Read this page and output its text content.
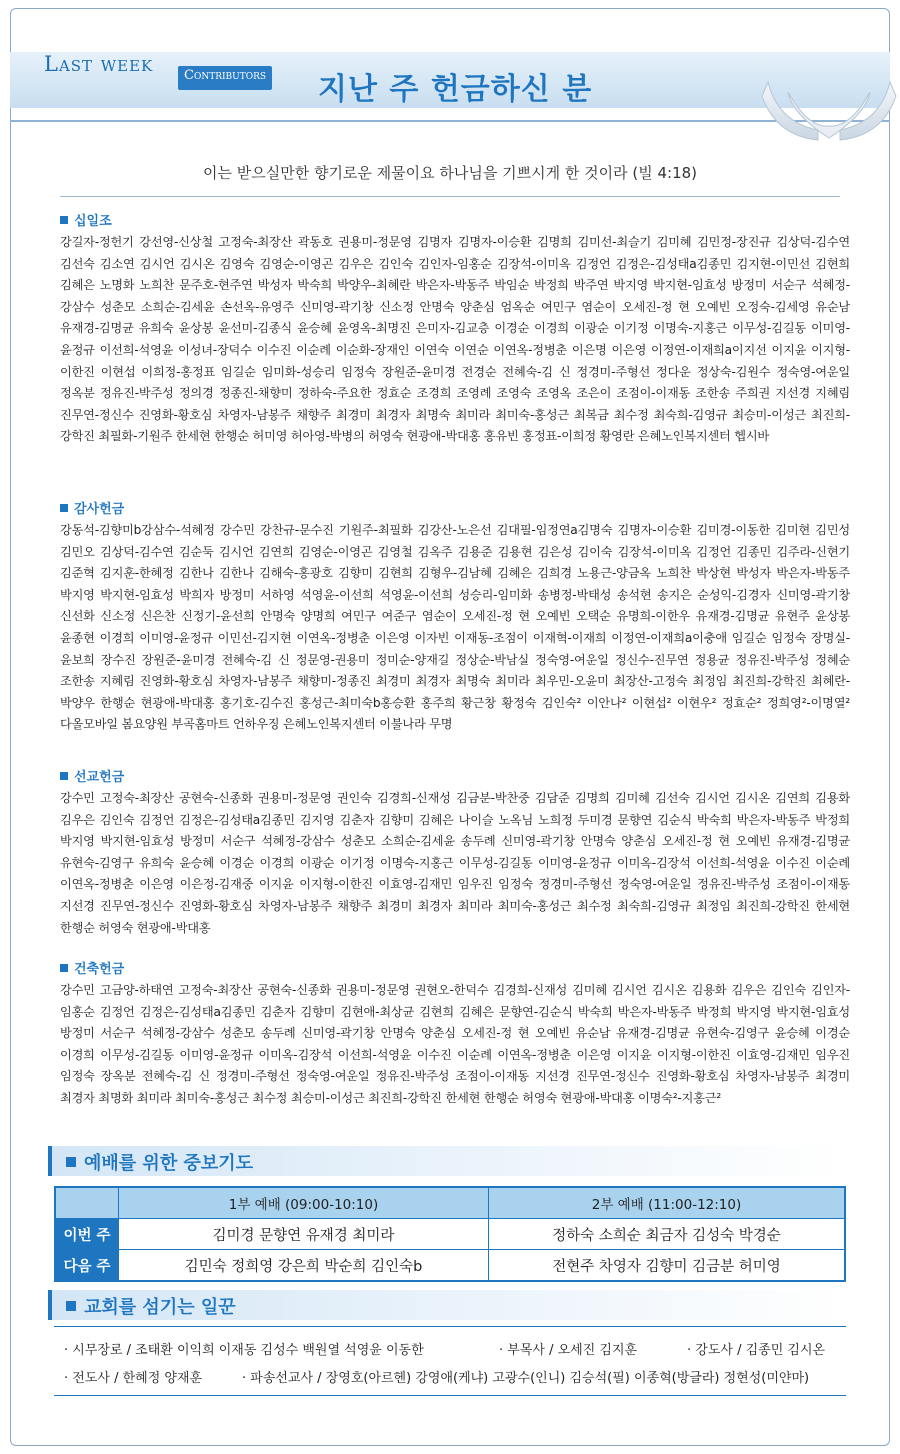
Last week	Contributors 지난 주 헌금하신 분
이는 받으실만한 향기로운 제물이요 하나님을 기쁘시게 한 것이라 (빌 4:18)
십일조
강길자-정헌기 강선영-신상철 고정숙-최장산 곽동호 권용미-정문영 김명자 김명자-이승환 김명희 김미선-최슬기 김미혜 김민정-장진규 김상덕-김수연 김선숙 김소연 김시언 김시온 김영숙 김영순-이영곤 김우은 김인숙 김인자-임홍순 김장석-이미옥 김정언 김정은-김성태a김종민 김지현-이민선 김현희 김혜은 노명화 노희찬 문주호-현주연 박성자 박숙희 박양우-최혜란 박은자-박동주 박임순 박정희 박주연 박지영 박지현-임효성 방정미 서순구 석혜정-강삼수 성춘모 소희순-김세윤 손선옥-유영주 신미영-곽기창 신소정 안명숙 양춘심 엄옥순 여민구 염순이 오세진-정 현 오예빈 오정숙-김세영 유순남 유재경-김명균 유희숙 윤상봉 윤선미-김종식 윤승혜 윤영옥-최명진 은미자-김교층 이경순 이경희 이광순 이기정 이명숙-지홍근 이무성-김길동 이미영-윤정규 이선희-석영윤 이성녀-장덕수 이수진 이순례 이순화-장재인 이연숙 이연순 이연옥-정병춘 이은명 이은영 이정연-이재희a이지선 이지윤 이지형-이한진 이현섭 이희정-홍정표 임길순 임미화-성승리 임정숙 장원준-윤미경 전경순 전혜숙-김 신 정경미-주형선 정다운 정상숙-김원수 정숙영-여운일 정옥분 정유진-박주성 정의경 정종진-채향미 정하숙-주요한 정효순 조경희 조영례 조영숙 조영옥 조은이 조점이-이재동 조한송 주희권 지선경 지혜림 진무연-정신수 진영화-황호심 차영자-남봉주 채향주 최경미 최경자 최명숙 최미라 최미숙-홍성근 최복금 최수정 최숙희-김영규 최승미-이성근 최진희-강학진 최필화-기원주 한세현 한행순 허미영 허아영-박병의 허영숙 현광애-박대홍 홍유빈 홍정표-이희정 황영란 은혜노인복지센터 헵시바
감사헌금
강동석-김향미b강삼수-석혜정 강수민 강찬규-문수진 기원주-최필화 김강산-노은선 김대필-임정연a김명숙 김명자-이승환 김미경-이동한 김미현 김민성 김민오 김상덕-김수연 김순둑 김시언 김연희 김영순-이영곤 김영철 김옥주 김용준 김용현 김은성 김이숙 김장석-이미옥 김정언 김종민 김주라-신현기 김준혁 김지훈-한혜정 김한나 김한나 김해숙-홍광호 김향미 김현희 김형우-김남혜 김혜은 김희경 노용근-양금옥 노희찬 박상현 박성자 박은자-박동주 박지영 박지현-임효성 박희자 방정미 서하영 석영윤-이선희 석영윤-이선희 성승리-임미화 송병정-박태성 송석현 송지은 순성익-김경자 신미영-곽기창 신선화 신소정 신은찬 신정기-윤선희 안명숙 양명희 여민구 여준구 염순이 오세진-정 현 오예빈 오택순 유명희-이한우 유재경-김명균 유현주 윤상봉 윤종현 이경희 이미영-윤정규 이민선-김지현 이연옥-정병춘 이은영 이자빈 이재동-조점이 이재혁-이재희 이정연-이재희a이충애 임길순 임정숙 장명실-윤보희 장수진 장원준-윤미경 전혜숙-김 신 정문영-권용미 정미순-양재길 정상순-박남실 정숙영-여운일 정신수-진무연 정용균 정유진-박주성 정혜순 조한송 지혜림 진영화-황호심 차영자-남봉주 채향미-정종진 최경미 최경자 최명숙 최미라 최우민-오윤미 최장산-고정숙 최정임 최진희-강학진 최혜란-박양우 한행순 현광애-박대홍 홍기호-김수진 홍성근-최미숙b홍승환 홍주희 황근창 황정숙 김인숙² 이안나² 이현섭² 이현우² 정효순² 정희영²-이명열² 다올모바일 봄요양원 부곡홈마트 언하우징 은혜노인복지센터 이불나라 무명
선교헌금
강수민 고정숙-최장산 공현숙-신종화 권용미-정문영 권인숙 김경희-신재성 김금분-박찬중 김담준 김명희 김미혜 김선숙 김시언 김시온 김연희 김용화 김우은 김인숙 김정언 김정은-김성태a김종민 김지영 김춘자 김향미 김혜은 나이슬 노옥님 노희정 두미경 문향연 김순식 박숙희 박은자-박동주 박정희 박지영 박지현-임효성 방정미 서순구 석혜정-강삼수 성춘모 소희순-김세윤 송두례 신미영-곽기창 안명숙 양춘심 오세진-정 현 오예빈 유재경-김명균 유현숙-김영구 유희숙 윤승혜 이경순 이경희 이광순 이기정 이명숙-지홍근 이무성-김길동 이미영-윤정규 이미옥-김장석 이선희-석영윤 이수진 이순례 이연옥-정병춘 이은영 이은정-김재중 이지윤 이지형-이한진 이효영-김재민 임우진 임정숙 정경미-주형선 정숙영-여운일 정유진-박주성 조점이-이재동 지선경 진무연-정신수 진영화-황호심 차영자-남봉주 채향주 최경미 최경자 최미라 최미숙-홍성근 최수정 최숙희-김영규 최정임 최진희-강학진 한세현 한행순 허영숙 현광애-박대홍
건축헌금
강수민 고금양-하태연 고정숙-최장산 공현숙-신종화 권용미-정문영 권현오-한덕수 김경희-신재성 김미혜 김시언 김시온 김용화 김우은 김인숙 김인자-임홍순 김정언 김정은-김성태a김종민 김춘자 김향미 김현애-최상균 김현희 김혜은 문향연-김순식 박숙희 박은자-박동주 박정희 박지영 박지현-임효성 방정미 서순구 석혜정-강삼수 성춘모 송두례 신미영-곽기창 안명숙 양춘심 오세진-정 현 오예빈 유순남 유재경-김명균 유현숙-김영구 윤승혜 이경순 이경희 이무성-김길동 이미영-윤정규 이미옥-김장석 이선희-석영윤 이수진 이순례 이연옥-정병춘 이은영 이지윤 이지형-이한진 이효영-김재민 임우진 임정숙 장옥분 전혜숙-김 신 정경미-주형선 정숙영-여운일 정유진-박주성 조점이-이재동 지선경 진무연-정신수 진영화-황호심 차영자-남봉주 최경미 최경자 최명화 최미라 최미숙-홍성근 최수정 최승미-이성근 최진희-강학진 한세현 한행순 허영숙 현광애-박대홍 이명숙²-지홍근²
예배를 위한 중보기도
	1부 예배 (09:00-10:10)	2부 예배 (11:00-12:10)
이번 주	김미경 문향연 유재경 최미라	정하숙 소희순 최금자 김성숙 박경순
다음 주	김민숙 정희영 강은희 박순희 김인숙b	전현주 차영자 김향미 김금분 허미영
교회를 섬기는 일꾼
· 시무장로 / 조태환 이익희 이재동 김성수 백원열 석영윤 이동한	· 부목사 / 오세진 김지훈	· 강도사 / 김종민 김시온
· 전도사 / 한혜정 양재훈	· 파송선교사 / 장영호(아르헨) 강영애(케냐) 고광수(인니) 김승석(필) 이종혁(방글라) 정현성(미얀마)
